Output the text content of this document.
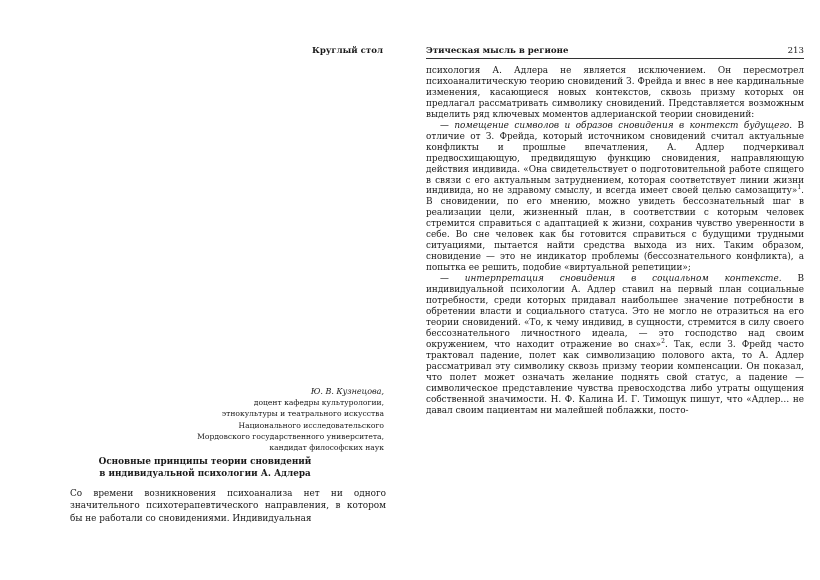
Круглый стол
Ю. В. Кузнецова,
доцент кафедры культурологии,
этнокультуры и театрального искусства
Национального исследовательского
Мордовского государственного университета,
кандидат философских наук
Основные принципы теории сновидений
в индивидуальной психологии А. Адлера
Со времени возникновения психоанализа нет ни одного значительного психотерапевтического направления, в котором бы не работали со сновидениями. Индивидуальная
Этическая мысль в регионе	213

психология А. Адлера не является исключением. Он пересмотрел психоаналитическую теорию сновидений З. Фрейда и внес в нее кардинальные изменения, касающиеся новых контекстов, сквозь призму которых он предлагал рассматривать символику сновидений. Представляется возможным выделить ряд ключевых моментов адлерианской теории сновидений:

— помещение символов и образов сновидения в контекст будущего. В отличие от З. Фрейда, который источником сновидений считал актуальные конфликты и прошлые впечатления, А. Адлер подчеркивал предвосхищающую, предвидящую функцию сновидения, направляющую действия индивида. «Она свидетельствует о подготовительной работе спящего в связи с его актуальным затруднением, которая соответствует линии жизни индивида, но не здравому смыслу, и всегда имеет своей целью самозащиту»$^1$. В сновидении, по его мнению, можно увидеть бессознательный шаг в реализации цели, жизненный план, в соответствии с которым человек стремится справиться с адаптацией к жизни, сохранив чувство уверенности в себе. Во сне человек как бы готовится справиться с будущими трудными ситуациями, пытается найти средства выхода из них. Таким образом, сновидение — это не индикатор проблемы (бессознательного конфликта), а попытка ее решить, подобие «виртуальной репетиции»;

— интерпретация сновидения в социальном контексте. В индивидуальной психологии А. Адлер ставил на первый план социальные потребности, среди которых придавал наибольшее значение потребности в обретении власти и социального статуса. Это не могло не отразиться на его теории сновидений. «То, к чему индивид, в сущности, стремится в силу своего бессознательного личностного идеала, — это господство над своим окружением, что находит отражение во снах»$^2$. Так, если З. Фрейд часто трактовал падение, полет как символизацию полового акта, то А. Адлер рассматривал эту символику сквозь призму теории компенсации. Он показал, что полет может означать желание поднять свой статус, а падение — символическое представление чувства превосходства либо утраты ощущения собственной значимости. Н. Ф. Калина И. Г. Тимощук пишут, что «Адлер… не давал своим пациентам ни малейшей поблажки, посто-
